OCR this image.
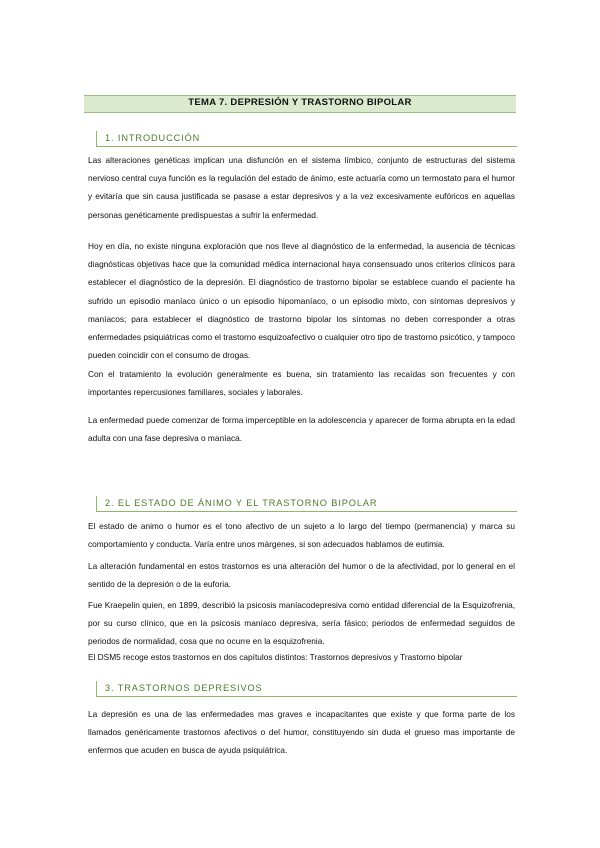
TEMA 7. DEPRESIÓN Y TRASTORNO BIPOLAR
1. INTRODUCCIÓN

Las alteraciones genéticas implican una disfunción en el sistema límbico, conjunto de estructuras del sistema nervioso central cuya función es la regulación del estado de ánimo, este actuaría como un termostato para el humor y evitaría que sin causa justificada se pasase a estar depresivos y a la vez excesivamente eufóricos en aquellas personas genéticamente predispuestas a sufrir la enfermedad.

Hoy en día, no existe ninguna exploración que nos lleve al diagnóstico de la enfermedad, la ausencia de técnicas diagnósticas objetivas hace que la comunidad médica internacional haya consensuado unos criterios clínicos para establecer el diagnóstico de la depresión. El diagnóstico de trastorno bipolar se establece cuando el paciente ha sufrido un episodio maníaco único o un episodio hipomaníaco, o un episodio mixto, con síntomas depresivos y maníacos; para establecer el diagnóstico de trastorno bipolar los síntomas no deben corresponder a otras enfermedades psiquiátricas como el trastorno esquizoafectivo o cualquier otro tipo de trastorno psicótico, y tampoco pueden coincidir con el consumo de drogas.

Con el tratamiento la evolución generalmente es buena, sin tratamiento las recaídas son frecuentes y con importantes repercusiones familiares, sociales y laborales.

La enfermedad puede comenzar de forma imperceptible en la adolescencia y aparecer de forma abrupta en la edad adulta con una fase depresiva o maníaca.

2. EL ESTADO DE ÁNIMO Y EL TRASTORNO BIPOLAR

El estado de animo o humor es el tono afectivo de un sujeto a lo largo del tiempo (permanencia) y marca su comportamiento y conducta. Varía entre unos márgenes, si son adecuados hablamos de eutimia.

La alteración fundamental en estos trastornos es una alteración del humor o de la afectividad, por lo general en el sentido de la depresión o de la euforia.

Fue Kraepelin quien, en 1899, describió la psicosis maníacodepresiva como entidad diferencial de la Esquizofrenia, por su curso clínico, que en la psicosis maníaco depresiva, sería fásico; periodos de enfermedad seguidos de periodos de normalidad, cosa que no ocurre en la esquizofrenia.

El DSM5 recoge estos trastornos en dos capítulos distintos: Trastornos depresivos y Trastorno bipolar

3. TRASTORNOS DEPRESIVOS

La depresión es una de las enfermedades mas graves e incapacitantes que existe y que forma parte de los llamados genéricamente trastornos afectivos o del humor, constituyendo sin duda el grueso mas importante de enfermos que acuden en busca de ayuda psiquiátrica.
